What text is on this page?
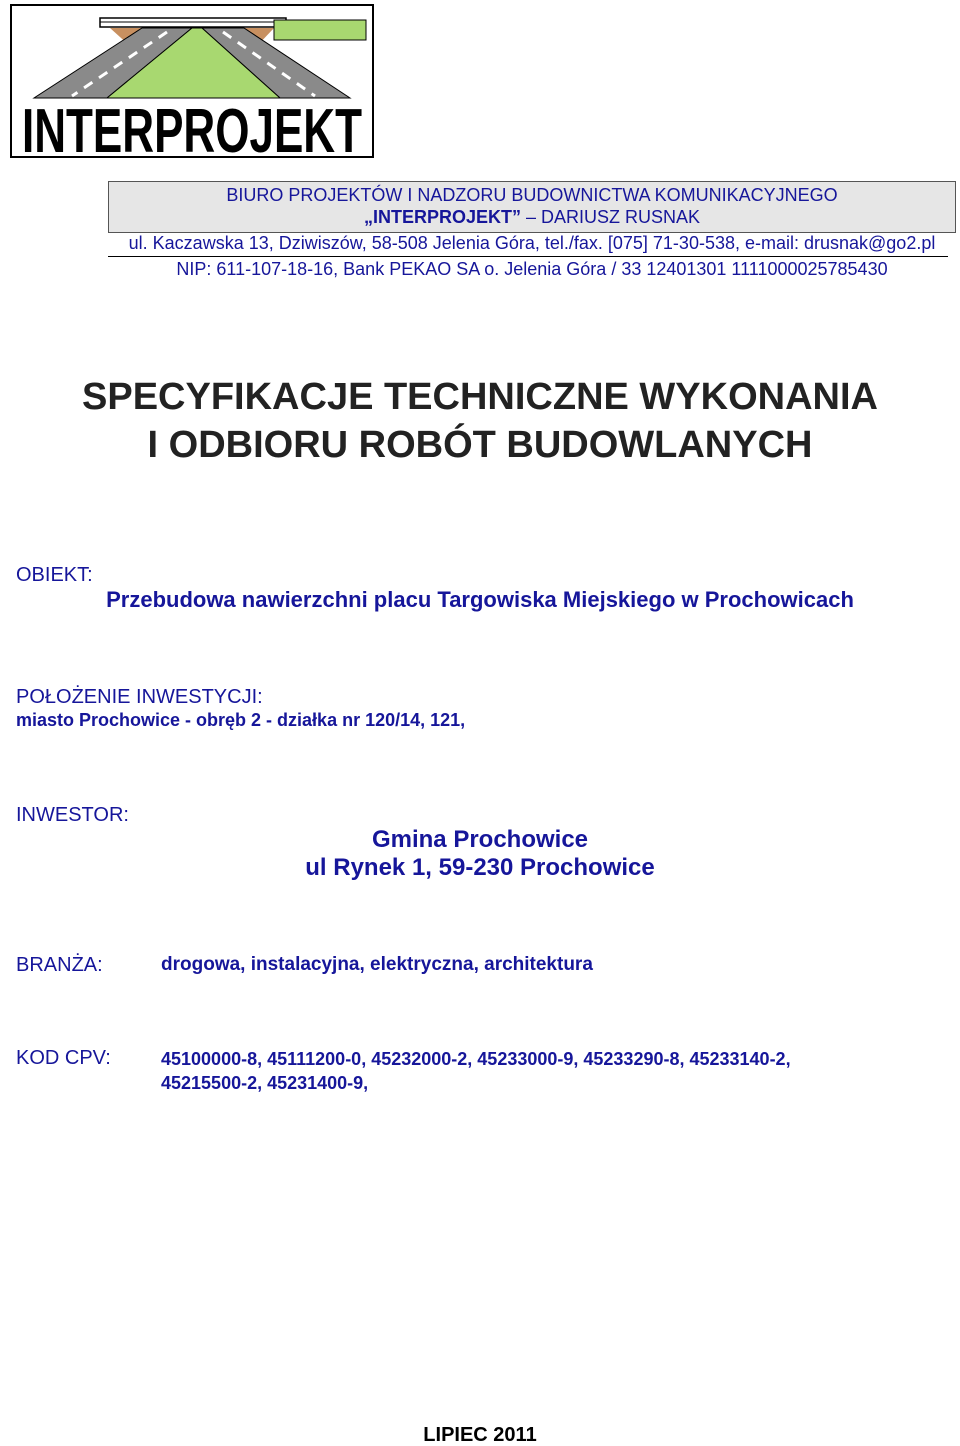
INTERPROJEKT
BIURO PROJEKTÓW I NADZORU BUDOWNICTWA KOMUNIKACYJNEGO
„INTERPROJEKT” – DARIUSZ RUSNAK
ul. Kaczawska 13, Dziwiszów, 58-508 Jelenia Góra, tel./fax. [075] 71-30-538, e-mail: drusnak@go2.pl
NIP: 611-107-18-16, Bank PEKAO SA o. Jelenia Góra / 33 12401301 1111000025785430
SPECYFIKACJE TECHNICZNE WYKONANIA
I ODBIORU ROBÓT BUDOWLANYCH
OBIEKT:
Przebudowa nawierzchni placu Targowiska Miejskiego w Prochowicach
POŁOŻENIE INWESTYCJI:
miasto Prochowice - obręb 2 - działka nr 120/14, 121,
INWESTOR:
Gmina Prochowice
ul Rynek 1, 59-230 Prochowice
BRANŻA:	drogowa, instalacyjna, elektryczna, architektura
KOD CPV:	45100000-8, 45111200-0, 45232000-2, 45233000-9, 45233290-8, 45233140-2,
45215500-2, 45231400-9,
LIPIEC 2011
